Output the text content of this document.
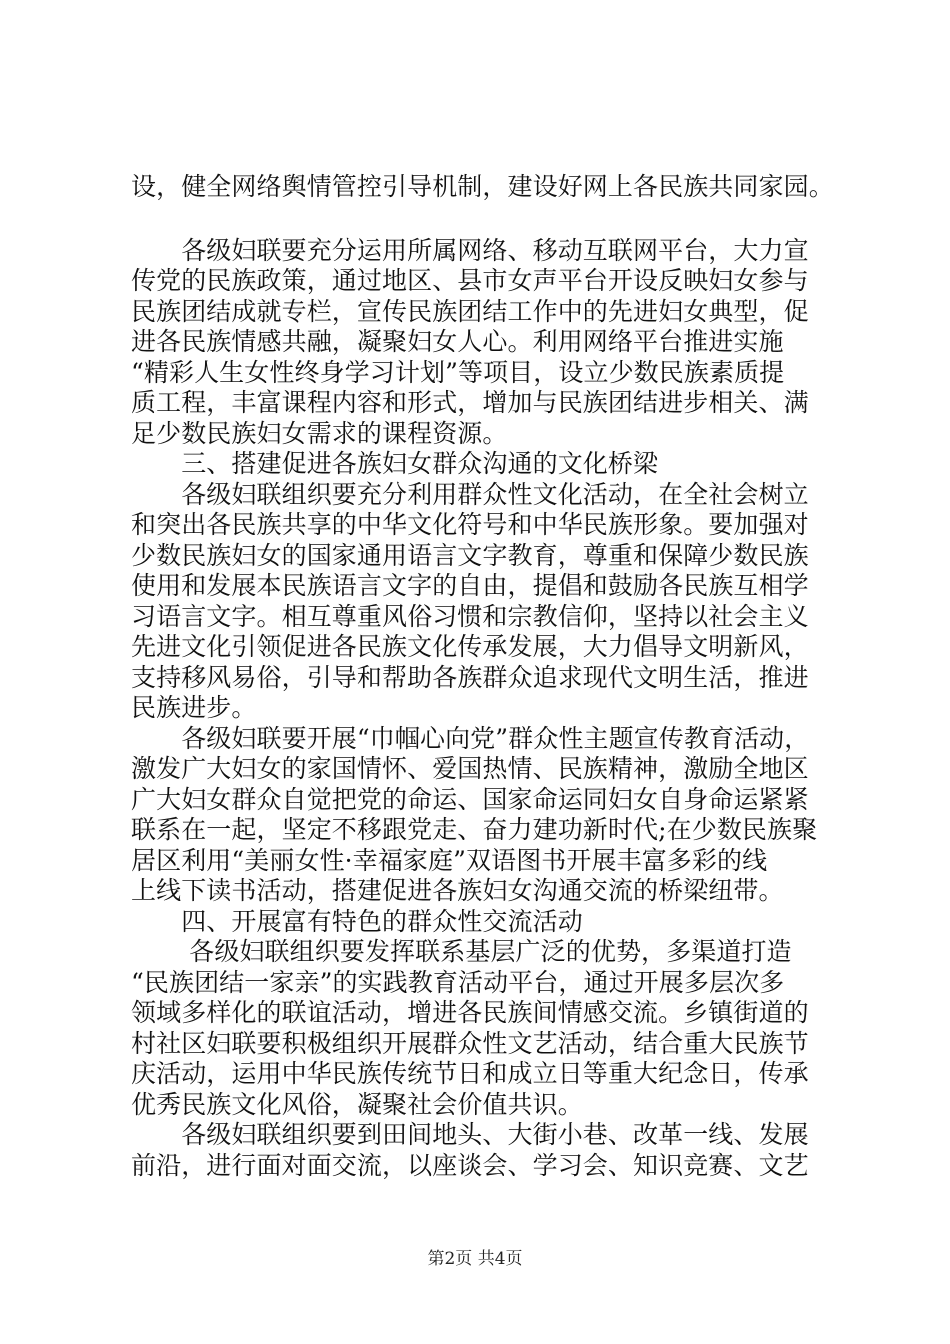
设，健全网络舆情管控引导机制，建设好网上各民族共同家园。
　　各级妇联要充分运用所属网络、移动互联网平台，大力宣
传党的民族政策，通过地区、县市女声平台开设反映妇女参与
民族团结成就专栏，宣传民族团结工作中的先进妇女典型，促
进各民族情感共融，凝聚妇女人心。利用网络平台推进实施
“精彩人生女性终身学习计划”等项目，设立少数民族素质提
质工程，丰富课程内容和形式，增加与民族团结进步相关、满
足少数民族妇女需求的课程资源。
　　三、搭建促进各族妇女群众沟通的文化桥梁
　　各级妇联组织要充分利用群众性文化活动，在全社会树立
和突出各民族共享的中华文化符号和中华民族形象。要加强对
少数民族妇女的国家通用语言文字教育，尊重和保障少数民族
使用和发展本民族语言文字的自由，提倡和鼓励各民族互相学
习语言文字。相互尊重风俗习惯和宗教信仰，坚持以社会主义
先进文化引领促进各民族文化传承发展，大力倡导文明新风，
支持移风易俗，引导和帮助各族群众追求现代文明生活，推进
民族进步。
　　各级妇联要开展“巾帼心向党”群众性主题宣传教育活动，
激发广大妇女的家国情怀、爱国热情、民族精神，激励全地区
广大妇女群众自觉把党的命运、国家命运同妇女自身命运紧紧
联系在一起，坚定不移跟党走、奋力建功新时代;在少数民族聚
居区利用“美丽女性·幸福家庭”双语图书开展丰富多彩的线
上线下读书活动，搭建促进各族妇女沟通交流的桥梁纽带。
　　四、开展富有特色的群众性交流活动
　　 各级妇联组织要发挥联系基层广泛的优势，多渠道打造
“民族团结一家亲”的实践教育活动平台，通过开展多层次多
领域多样化的联谊活动，增进各民族间情感交流。乡镇街道的
村社区妇联要积极组织开展群众性文艺活动，结合重大民族节
庆活动，运用中华民族传统节日和成立日等重大纪念日，传承
优秀民族文化风俗，凝聚社会价值共识。
　　各级妇联组织要到田间地头、大街小巷、改革一线、发展
前沿，进行面对面交流，以座谈会、学习会、知识竞赛、文艺
第2页 共4页
